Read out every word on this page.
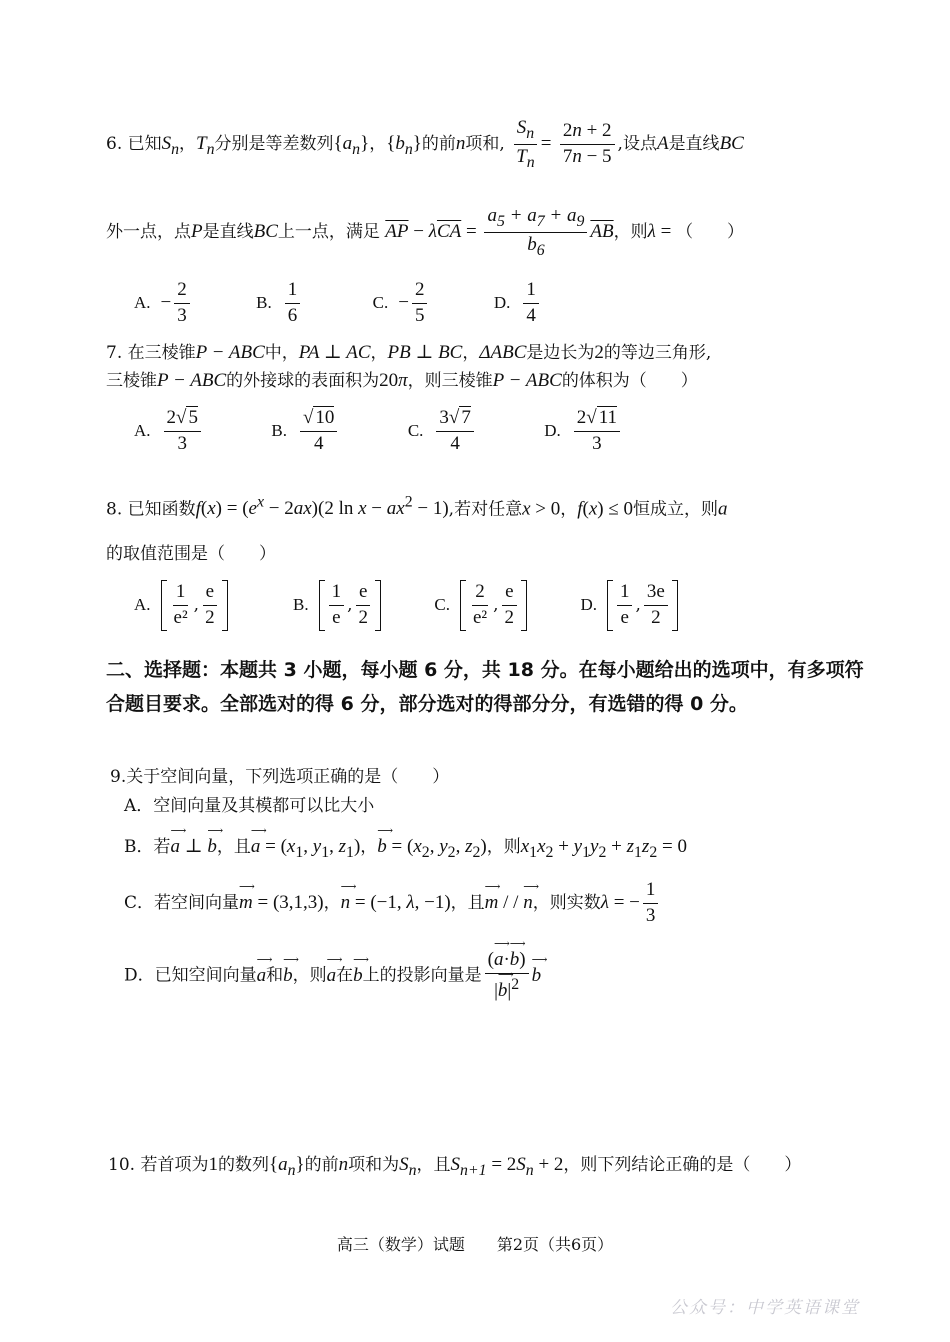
6. 已知$S_n$，$T_n$分别是等差数列$\{a_n\}$，$\{b_n\}$的前n项和, $\frac{S_n}{T_n} = \frac{2n + 2}{7n - 5}$ ,设点A是直线BC
外一点，点P是直线BC上一点，满足 $\overline{AP} - \lambda\overline{CA} = \frac{a_5 + a_7 + a_9}{b_6} \overline{AB}$，则λ = （　　）
A. − $\frac{2}{3}$
	B. $\frac{1}{6}$
	C. − $\frac{2}{5}$
	D. $\frac{1}{4}$
7. 在三棱锥P − ABC中，PA ⊥ AC，PB ⊥ BC，ΔABC是边长为2的等边三角形,
三棱锥P − ABC的外接球的表面积为20π，则三棱锥P − ABC的体积为（　　）
A. $\frac{2√ 5}{3}$
	B. $\frac{√ 10}{4}$
	C. $\frac{3√ 7}{4}$
	D. $\frac{2√ 11}{3}$
8. 已知函数$f(x) = (e^x - 2ax)(2$ $\ln x - ax^2 - 1$),若对任意x > 0，f(x) ≤ 0恒成立，则a
的取值范围是（　　）
A. $\frac{1}{\text{e²}}$ , $\frac{e}{2}$
	B. $\frac{1}{e}$ , $\frac{e}{2}$
	C. $\frac{2}{\text{e²}}$ , $\frac{e}{2}$
	D. $\frac{1}{e}$ , $\frac{3e}{2}$
二、选择题：本题共 3 小题，每小题 6 分，共 18 分。在每小题给出的选项中，有多项符合题目要求。全部选对的得 6 分，部分选对的得部分分，有选错的得 0 分。
9.关于空间向量，下列选项正确的是（　　）
A．空间向量及其模都可以比大小
B．若⟶ a ⊥ ⟶ b，且⟶ $a = (x_1$, $y_1$, $z_1$)，⟶ $b = (x_2$, $y_2$, $z_2$)，则$x_1x_2 + y_1y_2 + z_1z_2 = 0$
C．若空间向量⟶ m = (3,1,3)，⟶ n = (−1, λ, −1)，且⟶ m / / ⟶ n，则实数λ = − $\frac{1}{3}$
D．已知空间向量⟶ a和⟶ b，则⟶ a在⟶ b上的投影向量是 $\frac{(⟶ a\cdot⟶ b)}{|⟶ b|^2}$ ⟶ b
10. 若首项为1的数列$\{a_n\}$的前n项和为$S_n$，且$S_{n+1} = 2S_n + 2$，则下列结论正确的是（　　）
高三（数学）试题　　第2页（共6页）
公众号：中学英语课堂
